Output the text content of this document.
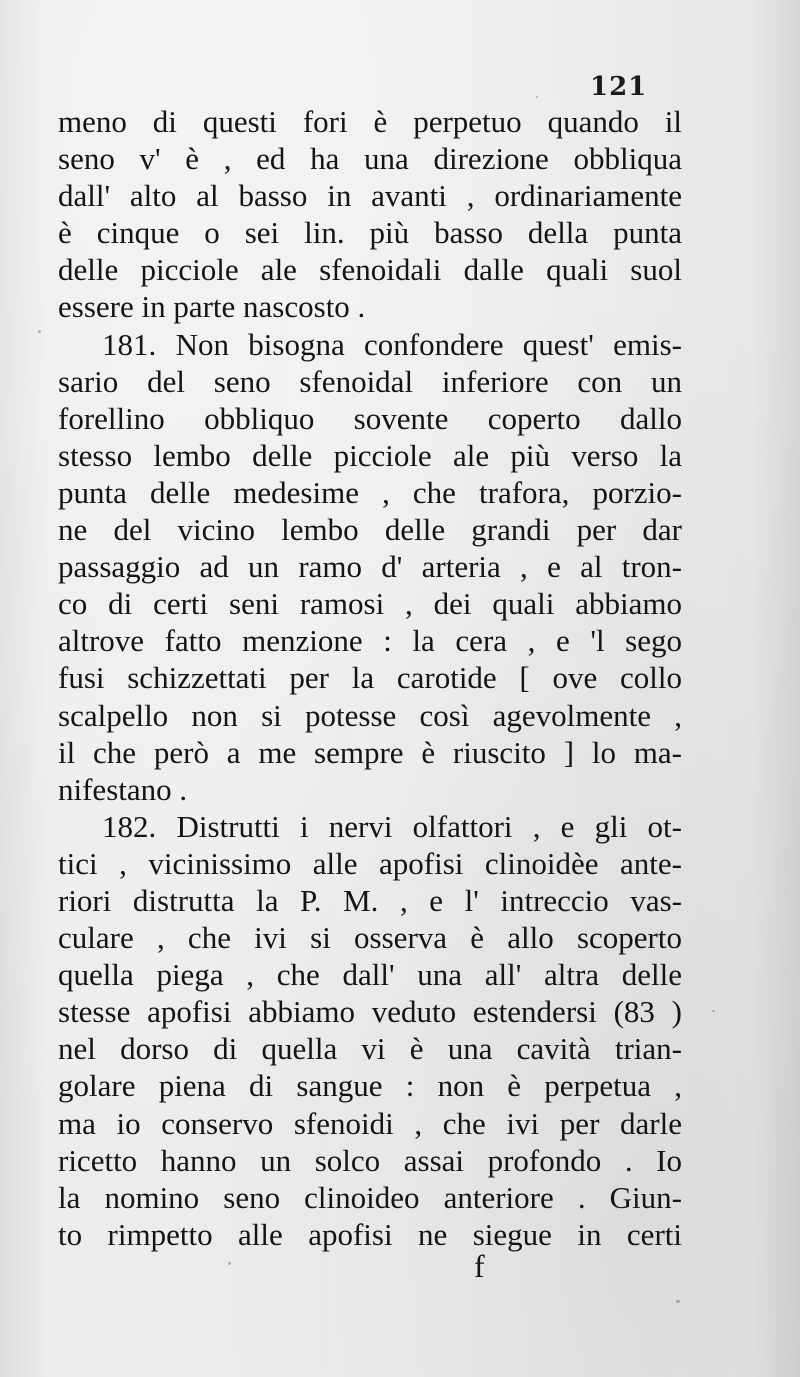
121
meno di questi fori è perpetuo quando il
seno v' è , ed ha una direzione obbliqua
dall' alto al basso in avanti , ordinariamente
è cinque o sei lin. più basso della punta
delle picciole ale sfenoidali dalle quali suol
essere in parte nascosto .
181. Non bisogna confondere quest' emis-
sario del seno sfenoidal inferiore con un
forellino obbliquo sovente coperto dallo
stesso lembo delle picciole ale più verso la
punta delle medesime , che trafora, porzio-
ne del vicino lembo delle grandi per dar
passaggio ad un ramo d' arteria , e al tron-
co di certi seni ramosi , dei quali abbiamo
altrove fatto menzione : la cera , e 'l sego
fusi schizzettati per la carotide [ ove collo
scalpello non si potesse così agevolmente ,
il che però a me sempre è riuscito ] lo ma-
nifestano .
182. Distrutti i nervi olfattori , e gli ot-
tici , vicinissimo alle apofisi clinoidèe ante-
riori distrutta la P. M. , e l' intreccio vas-
culare , che ivi si osserva è allo scoperto
quella piega , che dall' una all' altra delle
stesse apofisi abbiamo veduto estendersi (83 )
nel dorso di quella vi è una cavità trian-
golare piena di sangue : non è perpetua ,
ma io conservo sfenoidi , che ivi per darle
ricetto hanno un solco assai profondo . Io
la nomino seno clinoideo anteriore . Giun-
to rimpetto alle apofisi ne siegue in certi
f
